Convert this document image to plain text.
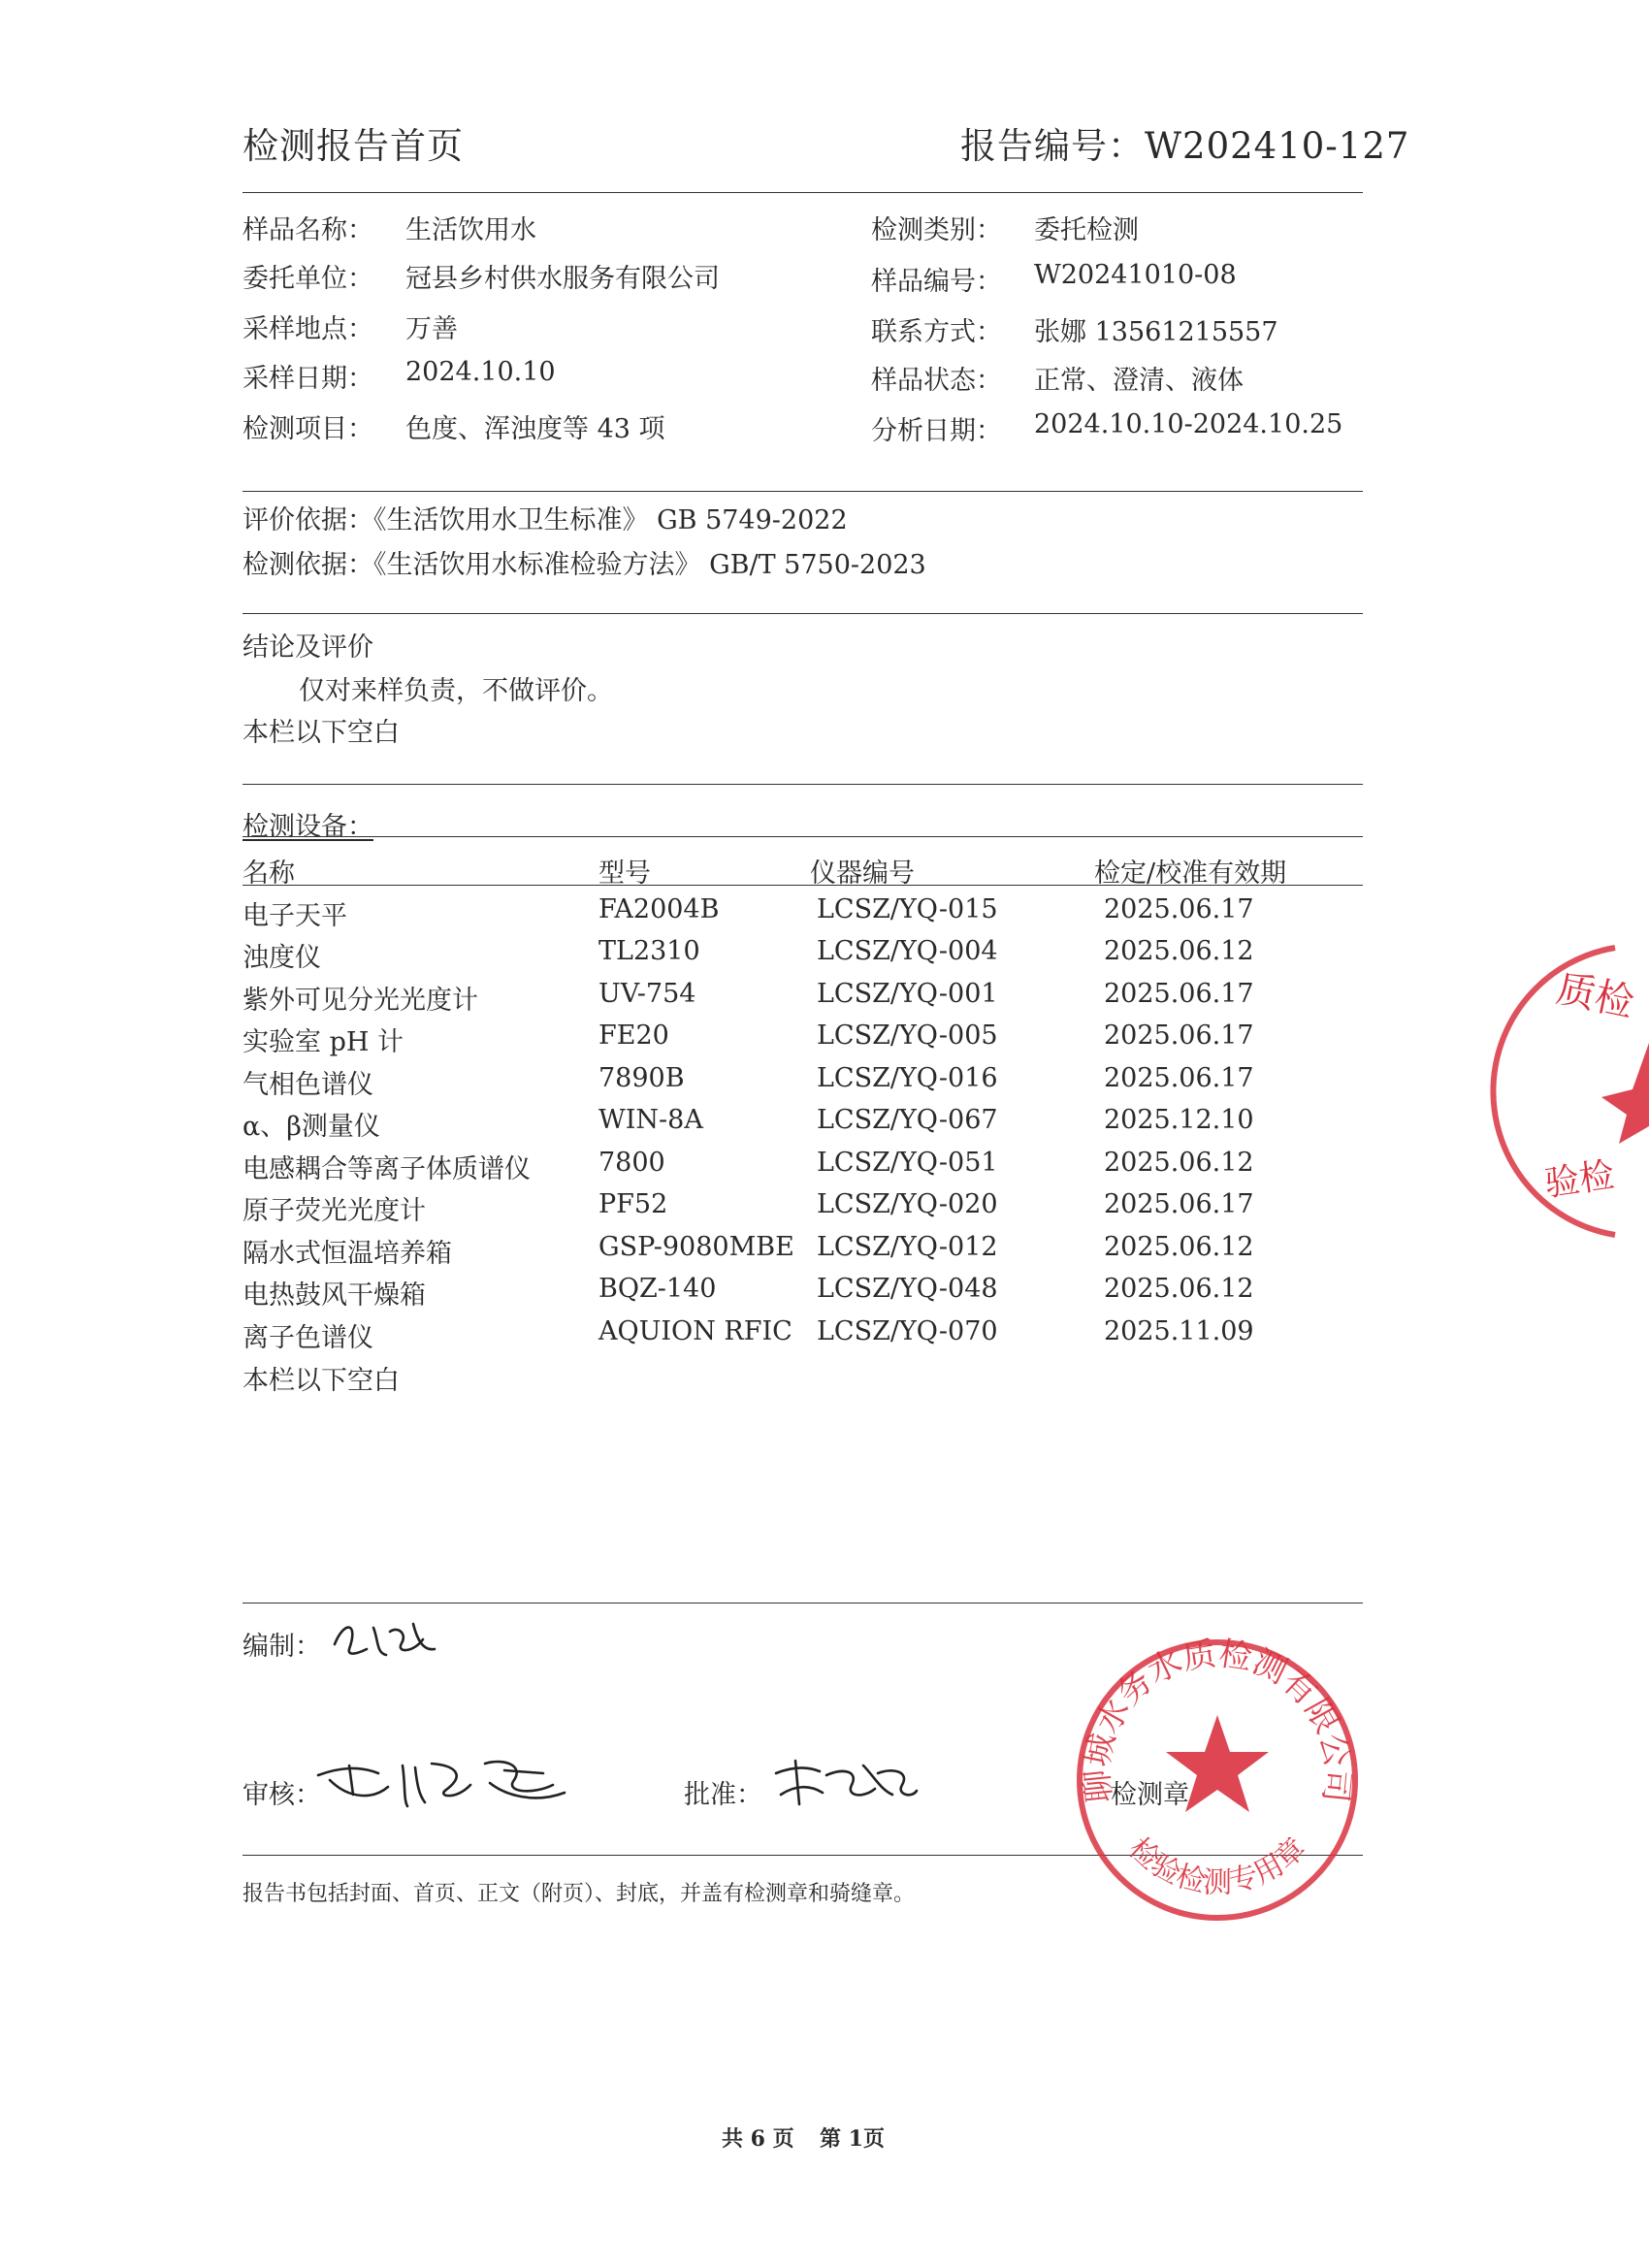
检测报告首页	报告编号：W202410-127
样品名称： 生活饮用水
委托单位： 冠县乡村供水服务有限公司
采样地点： 万善
采样日期： 2024.10.10
检测项目： 色度、浑浊度等 43 项
检测类别： 委托检测
样品编号： W20241010-08
联系方式： 张娜 13561215557
样品状态： 正常、澄清、液体
分析日期： 2024.10.10-2024.10.25
评价依据：《生活饮用水卫生标准》 GB 5749-2022
检测依据：《生活饮用水标准检验方法》 GB/T 5750-2023
结论及评价
仅对来样负责，不做评价。
本栏以下空白
检测设备：
名称	型号	仪器编号	检定/校准有效期
电子天平	FA2004B	LCSZ/YQ-015	2025.06.17
浊度仪	TL2310	LCSZ/YQ-004	2025.06.12
紫外可见分光光度计	UV-754	LCSZ/YQ-001	2025.06.17
实验室 pH 计	FE20	LCSZ/YQ-005	2025.06.17
气相色谱仪	7890B	LCSZ/YQ-016	2025.06.17
α、β测量仪	WIN-8A	LCSZ/YQ-067	2025.12.10
电感耦合等离子体质谱仪	7800	LCSZ/YQ-051	2025.06.12
原子荧光光度计	PF52	LCSZ/YQ-020	2025.06.17
隔水式恒温培养箱	GSP-9080MBE LCSZ/YQ-012	2025.06.12
电热鼓风干燥箱	BQZ-140	LCSZ/YQ-048	2025.06.12
离子色谱仪	AQUION RFIC LCSZ/YQ-070	2025.11.09
本栏以下空白
编制：
审核：	批准：	检测章
聊城水务水质检测有限公司
检验检测专用章
质检
验检
报告书包括封面、首页、正文（附页）、封底，并盖有检测章和骑缝章。
共 6 页 第 1页
